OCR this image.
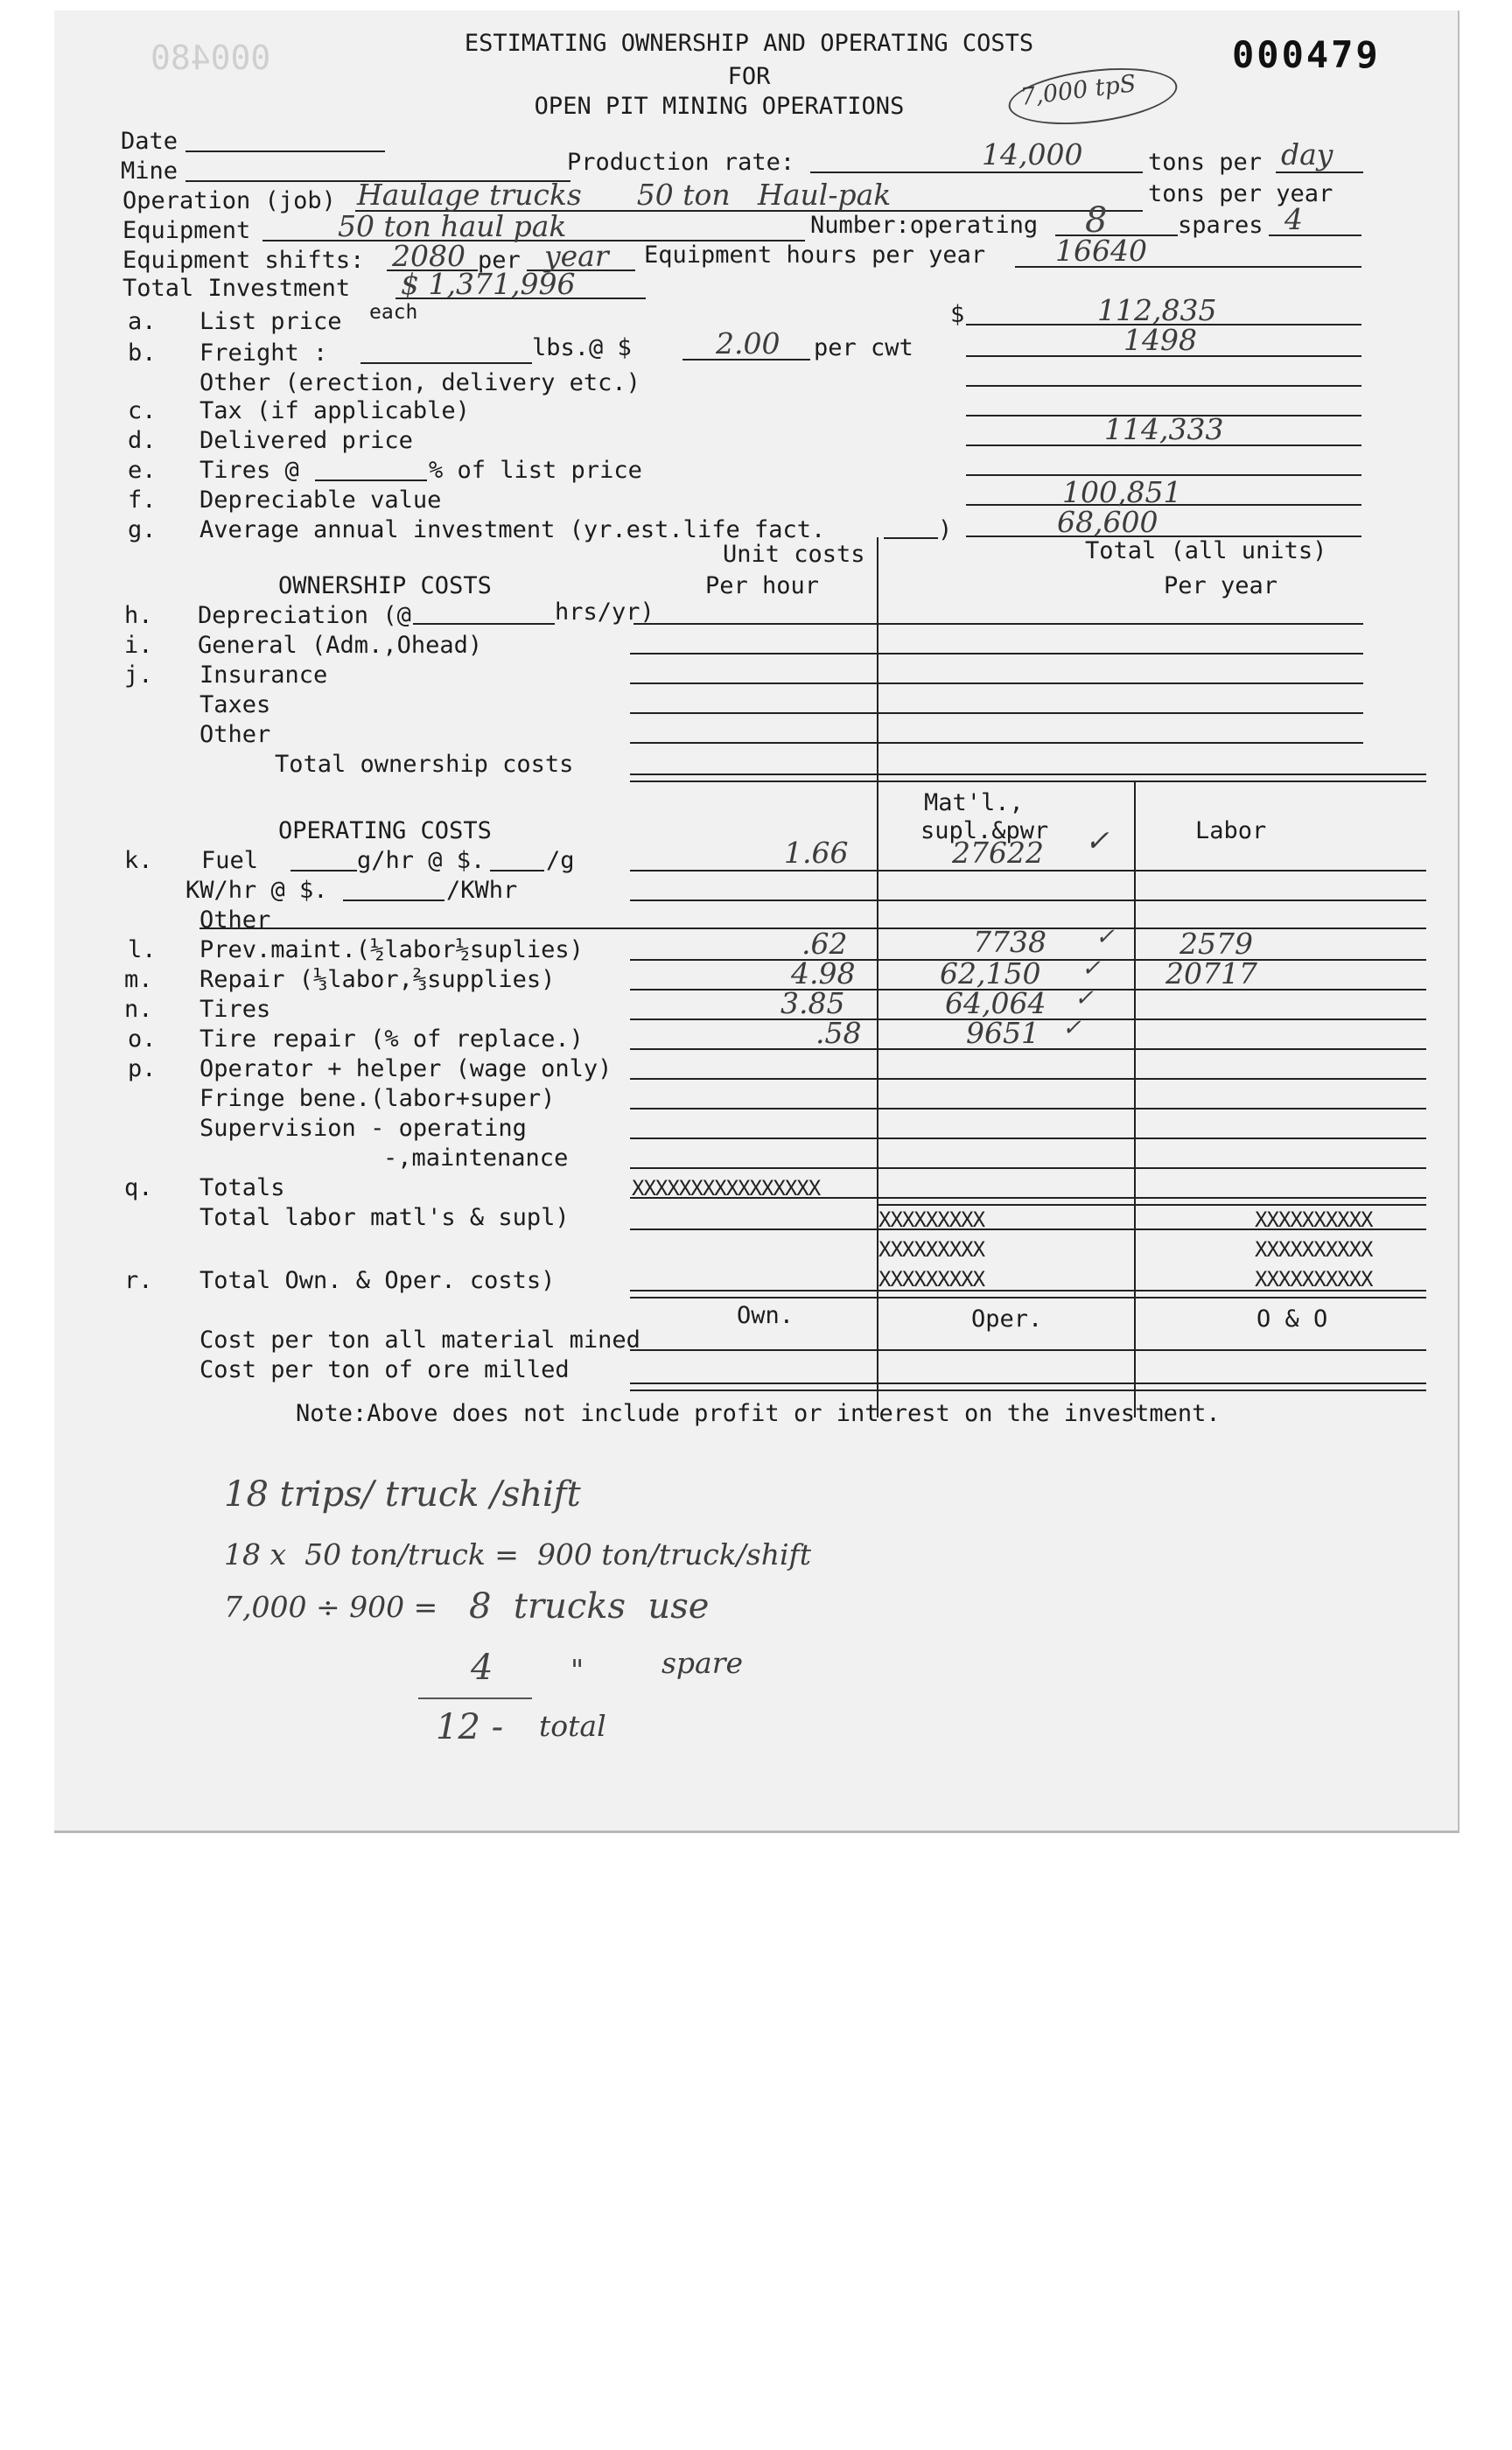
000480	ESTIMATING OWNERSHIP AND OPERATING COSTS
FOR
OPEN PIT MINING OPERATIONS
000479
7,000 tpS
Date
Mine	Production rate:	14,000	tons per day
Operation (job) Haulage trucks      50 ton   Haul-pak	tons per year
Equipment	50 ton haul pak	Number:operating 8	spares 4
Equipment shifts: 2080 per year Equipment hours per year 16640
Total Investment $ 1,371,996
a. List price each	$	112,835
b. Freight :	lbs.@ $	2.00 per cwt	1498
Other (erection, delivery etc.)
c. Tax (if applicable)
d. Delivered price	114,333
e. Tires @	% of list price
f. Depreciable value	100,851
g. Average annual investment (yr.est.life fact.	)	68,600
Unit costs	Total (all units)
OWNERSHIP COSTS	Per hour	Per year
h. Depreciation (@	hrs/yr)
i. General (Adm.,Ohead)
j. Insurance
Taxes
Other
Total ownership costs
Mat'l.,
supl.&pwr
OPERATING COSTS	Labor
k. Fuel	g/hr @ $.	/g	1.66	27622 ✓
KW/hr @ $.	/KWhr
Other
l. Prev.maint.(½labor½suplies)	.62	7738 ✓ 2579
m. Repair (⅓labor,⅔supplies)	4.98	62,150 ✓ 20717
n. Tires	3.85	64,064 ✓
o. Tire repair (% of replace.)	.58	9651 ✓
p. Operator + helper (wage only)
Fringe bene.(labor+super)
Supervision - operating
-,maintenance
q. Totals	XXXXXXXXXXXXXXXX
Total labor matl's & supl)	XXXXXXXXX	XXXXXXXXXX
XXXXXXXXX	XXXXXXXXXX
r. Total Own. & Oper. costs)	XXXXXXXXX	XXXXXXXXXX
Own.	Oper.	O & O
Cost per ton all material mined
Cost per ton of ore milled
Note:Above does not include profit or interest on the investment.
18 trips/ truck /shift
18 x  50 ton/truck =  900 ton/truck/shift
7,000 ÷ 900 = 8  trucks  use
4	"	spare
12 - total
